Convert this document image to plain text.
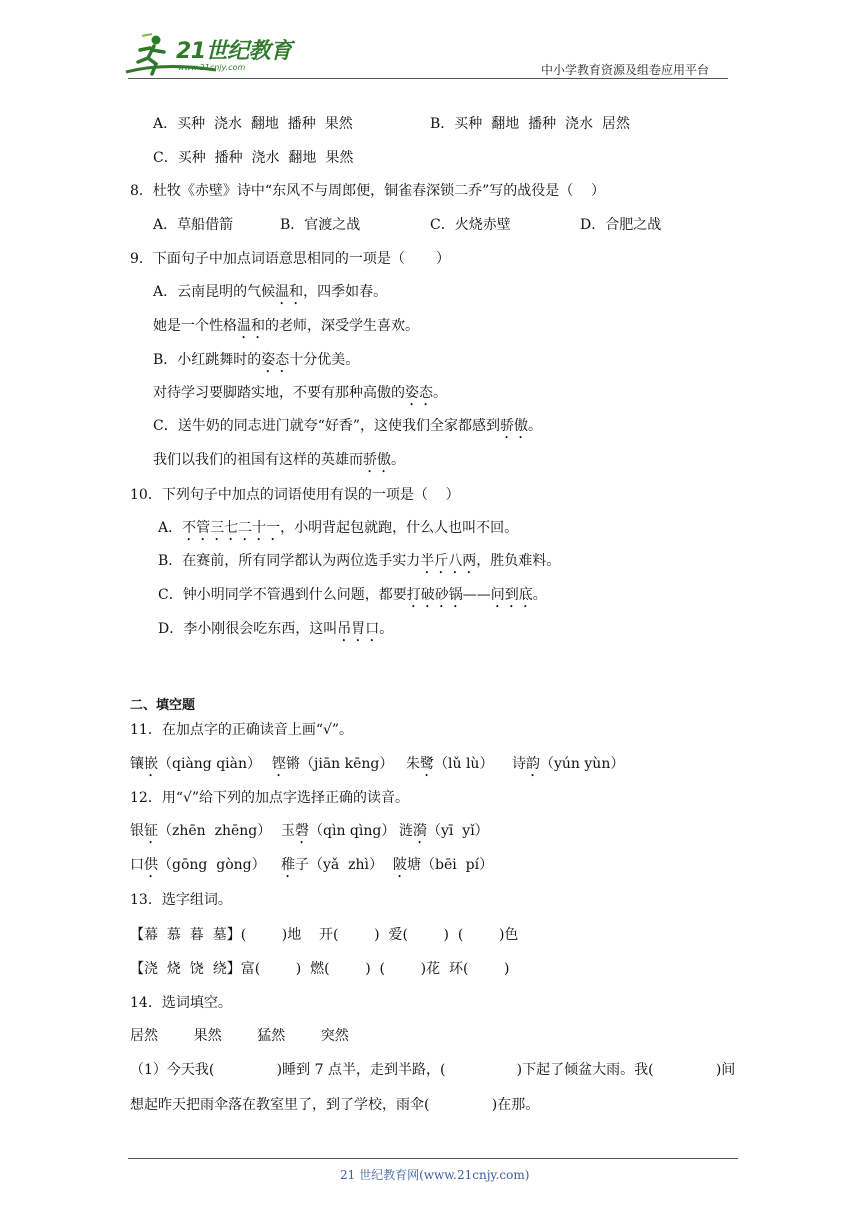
21世纪教育
www.21cnjy.com	中小学教育资源及组卷应用平台
A．买种  浇水  翻地  播种  果然	B．买种  翻地  播种  浇水  居然
C．买种  播种  浇水  翻地  果然
8．杜牧《赤壁》诗中“东风不与周郎便，铜雀春深锁二乔”写的战役是（    ）
A．草船借箭	B．官渡之战	C．火烧赤壁	D．合肥之战
9．下面句子中加点词语意思相同的一项是（       ）
A．云南昆明的气候温和，四季如春。
她是一个性格温和的老师，深受学生喜欢。
B．小红跳舞时的姿态十分优美。
对待学习要脚踏实地，不要有那种高傲的姿态。
C．送牛奶的同志进门就夸“好香”，这使我们全家都感到骄傲。
我们以我们的祖国有这样的英雄而骄傲。
10．下列句子中加点的词语使用有误的一项是（    ）
A．不管三七二十一，小明背起包就跑，什么人也叫不回。
B．在赛前，所有同学都认为两位选手实力半斤八两，胜负难料。
C．钟小明同学不管遇到什么问题，都要打破砂锅——问到底。
D．李小刚很会吃东西，这叫吊胃口。
二、填空题
11．在加点字的正确读音上画“√”。
镶嵌（qiàng qiàn） 铿锵（jiān kēng） 朱鹭（lǔ lù） 诗韵（yún yùn）
12．用“√”给下列的加点字选择正确的读音。
银钲（zhēn  zhēng） 玉磬（qìn qìng） 涟漪（yī  yǐ）
口供（gōng  gòng） 稚子（yǎ  zhì） 陂塘（bēi  pí）
13．选字组词。
【幕  慕  暮  墓】(        )地    开(        )  爱(        )  (        )色
【浇  烧  饶  绕】富(        )  燃(        )  (        )花  环(        )
14．选词填空。
居然        果然        猛然        突然
（1）今天我(              )睡到 7 点半，走到半路，(                )下起了倾盆大雨。我(              )间
想起昨天把雨伞落在教室里了，到了学校，雨伞(              )在那。
21 世纪教育网(www.21cnjy.com)
